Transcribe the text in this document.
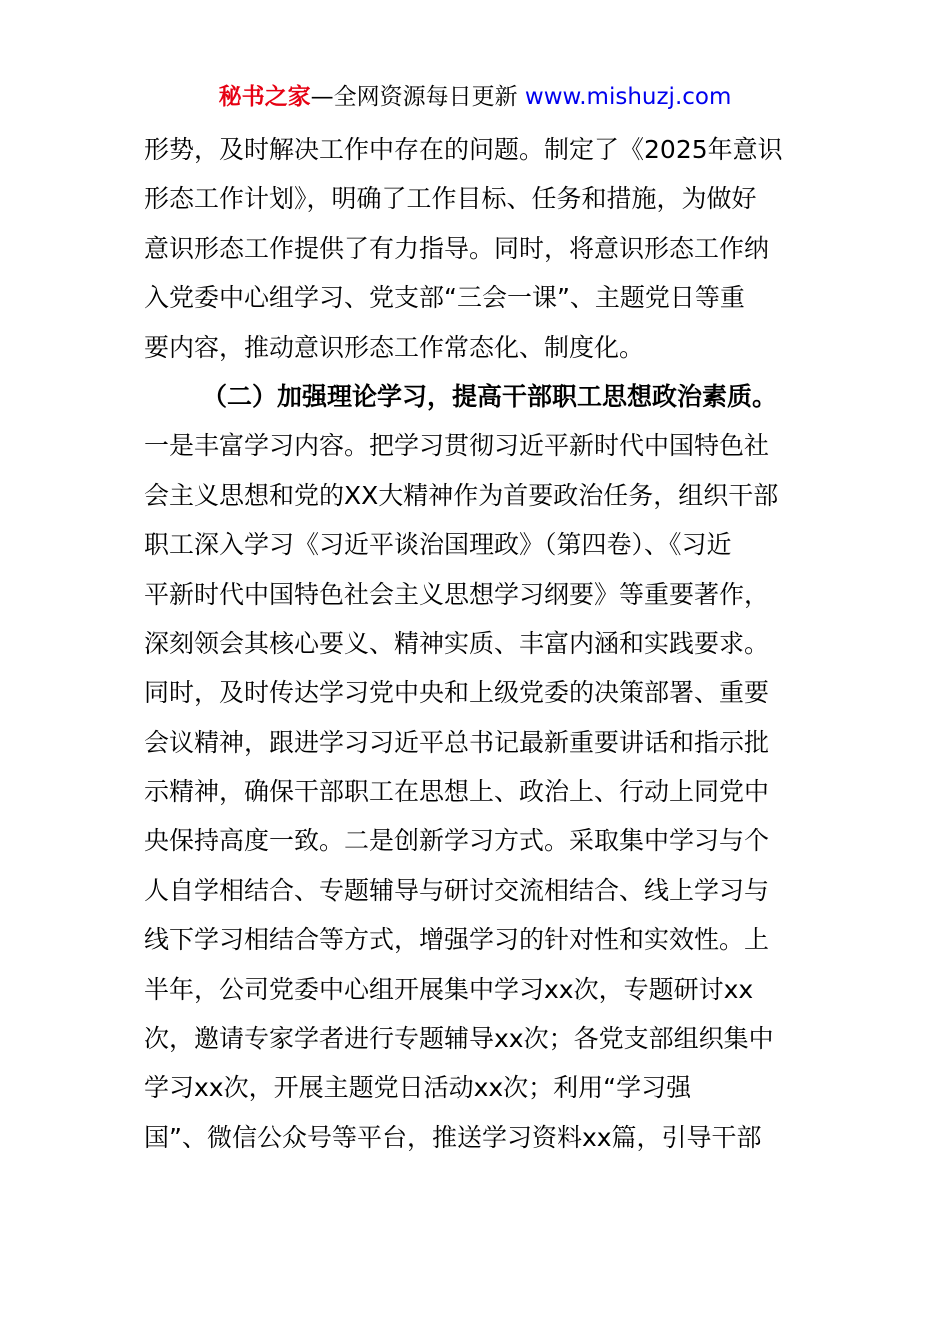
秘书之家—全网资源每日更新 www.mishuzj.com
形势，及时解决工作中存在的问题。制定了《2025年意识
形态工作计划》，明确了工作目标、任务和措施，为做好
意识形态工作提供了有力指导。同时，将意识形态工作纳
入党委中心组学习、党支部“三会一课”、主题党日等重
要内容，推动意识形态工作常态化、制度化。
（二）加强理论学习，提高干部职工思想政治素质。
一是丰富学习内容。把学习贯彻习近平新时代中国特色社
会主义思想和党的XX大精神作为首要政治任务，组织干部
职工深入学习《习近平谈治国理政》（第四卷）、《习近
平新时代中国特色社会主义思想学习纲要》等重要著作，
深刻领会其核心要义、精神实质、丰富内涵和实践要求。
同时，及时传达学习党中央和上级党委的决策部署、重要
会议精神，跟进学习习近平总书记最新重要讲话和指示批
示精神，确保干部职工在思想上、政治上、行动上同党中
央保持高度一致。二是创新学习方式。采取集中学习与个
人自学相结合、专题辅导与研讨交流相结合、线上学习与
线下学习相结合等方式，增强学习的针对性和实效性。上
半年，公司党委中心组开展集中学习xx次，专题研讨xx
次，邀请专家学者进行专题辅导xx次；各党支部组织集中
学习xx次，开展主题党日活动xx次；利用“学习强
国”、微信公众号等平台，推送学习资料xx篇，引导干部
